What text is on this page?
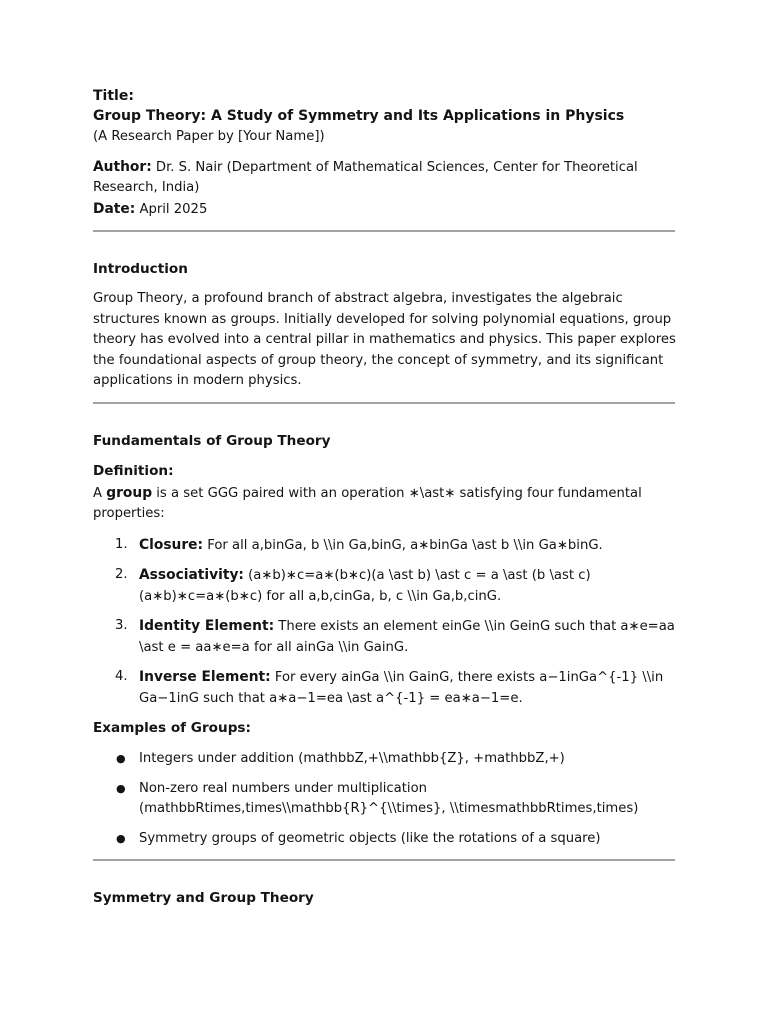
Title:
Group Theory: A Study of Symmetry and Its Applications in Physics
(A Research Paper by [Your Name])
Author: Dr. S. Nair (Department of Mathematical Sciences, Center for Theoretical Research, India)
Date: April 2025
Introduction
Group Theory, a profound branch of abstract algebra, investigates the algebraic structures known as groups. Initially developed for solving polynomial equations, group theory has evolved into a central pillar in mathematics and physics. This paper explores the foundational aspects of group theory, the concept of symmetry, and its significant applications in modern physics.
Fundamentals of Group Theory
Definition:
A group is a set GGG paired with an operation ∗\ast∗ satisfying four fundamental properties:
1. Closure: For all a,binGa, b \\in Ga,binG, a∗binGa \ast b \\in Ga∗binG.
2. Associativity: (a∗b)∗c=a∗(b∗c)(a \ast b) \ast c = a \ast (b \ast c)(a∗b)∗c=a∗(b∗c) for all a,b,cinGa, b, c \\in Ga,b,cinG.
3. Identity Element: There exists an element einGe \\in GeinG such that a∗e=aa \ast e = aa∗e=a for all ainGa \\in GainG.
4. Inverse Element: For every ainGa \\in GainG, there exists a−1inGa^{-1} \\in Ga−1inG such that a∗a−1=ea \ast a^{-1} = ea∗a−1=e.
Examples of Groups:
● Integers under addition (mathbbZ,+\\mathbb{Z}, +mathbbZ,+)
● Non-zero real numbers under multiplication (mathbbRtimes,times\\mathbb{R}^{\\times}, \\timesmathbbRtimes,times)
● Symmetry groups of geometric objects (like the rotations of a square)
Symmetry and Group Theory
